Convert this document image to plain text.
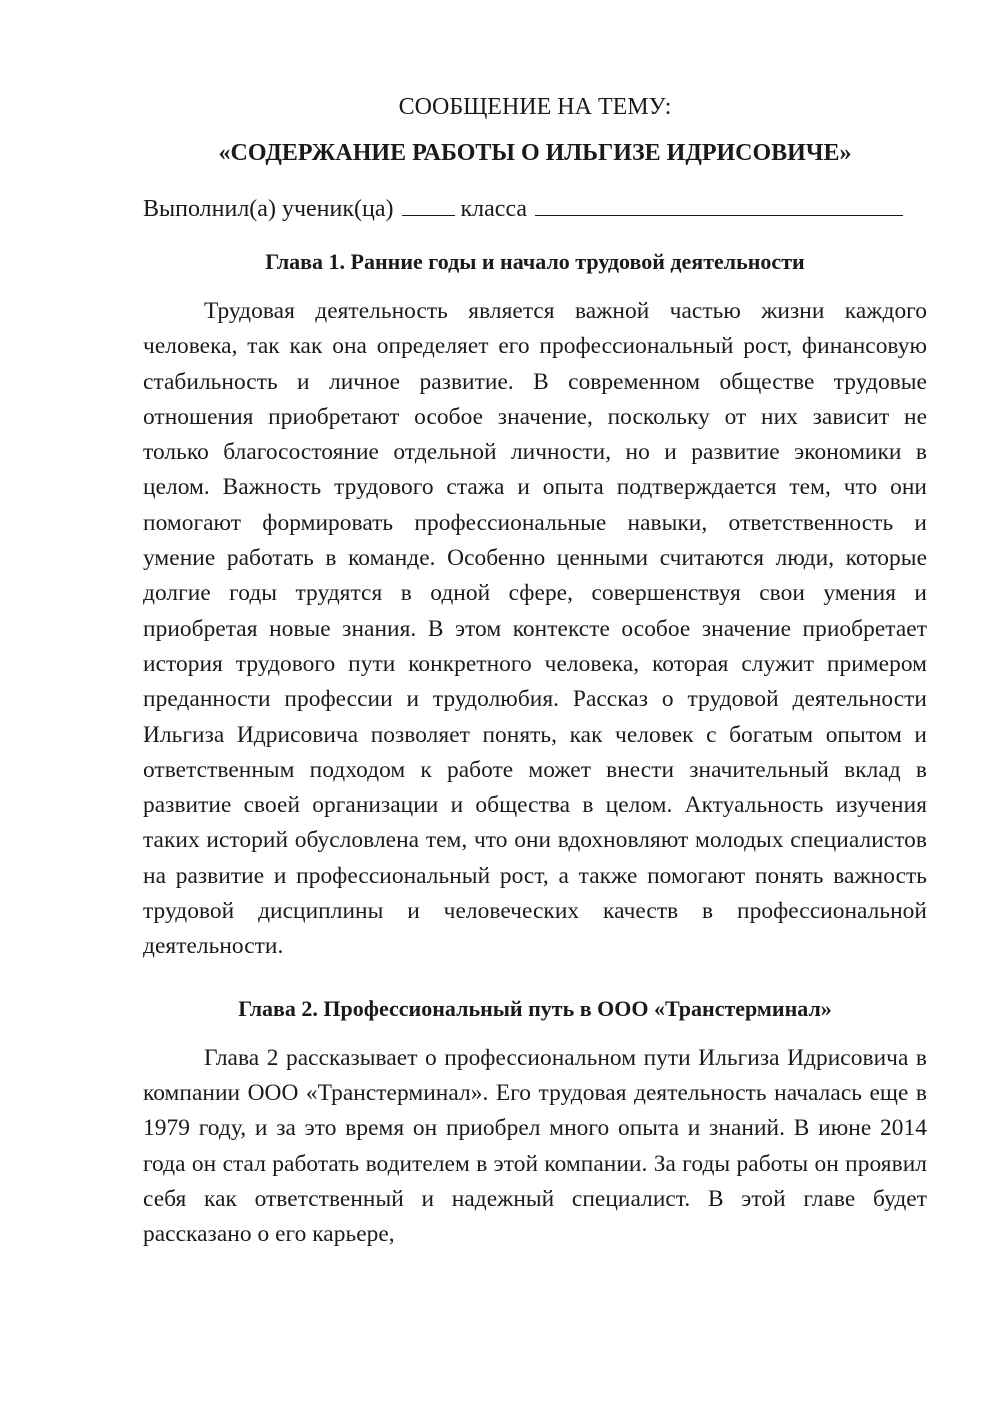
СООБЩЕНИЕ НА ТЕМУ:

«СОДЕРЖАНИЕ РАБОТЫ О ИЛЬГИЗЕ ИДРИСОВИЧЕ»

Выполнил(а) ученик(ца)	класса
Глава 1. Ранние годы и начало трудовой деятельности

Трудовая деятельность является важной частью жизни каждого человека, так как она определяет его профессиональный рост, финансовую стабильность и личное развитие. В современном обществе трудовые отношения приобретают особое значение, поскольку от них зависит не только благосостояние отдельной личности, но и развитие экономики в целом. Важность трудового стажа и опыта подтверждается тем, что они помогают формировать профессиональные навыки, ответственность и умение работать в команде. Особенно ценными считаются люди, которые долгие годы трудятся в одной сфере, совершенствуя свои умения и приобретая новые знания. В этом контексте особое значение приобретает история трудового пути конкретного человека, которая служит примером преданности профессии и трудолюбия. Рассказ о трудовой деятельности Ильгиза Идрисовича позволяет понять, как человек с богатым опытом и ответственным подходом к работе может внести значительный вклад в развитие своей организации и общества в целом. Актуальность изучения таких историй обусловлена тем, что они вдохновляют молодых специалистов на развитие и профессиональный рост, а также помогают понять важность трудовой дисциплины и человеческих качеств в профессиональной деятельности.

Глава 2. Профессиональный путь в ООО «Транстерминал»

Глава 2 рассказывает о профессиональном пути Ильгиза Идрисовича в компании ООО «Транстерминал». Его трудовая деятельность началась еще в 1979 году, и за это время он приобрел много опыта и знаний. В июне 2014 года он стал работать водителем в этой компании. За годы работы он проявил себя как ответственный и надежный специалист. В этой главе будет рассказано о его карьере,
